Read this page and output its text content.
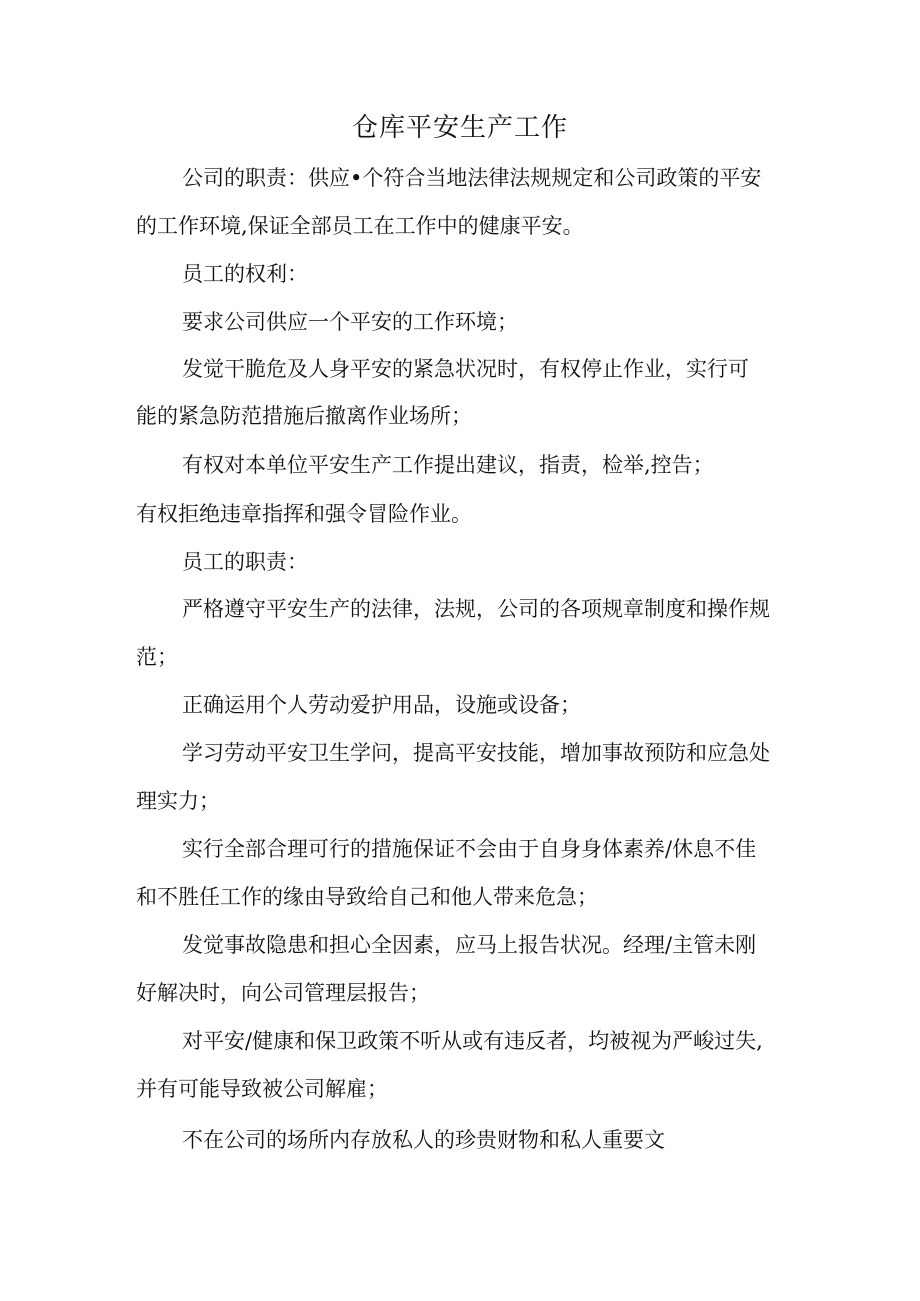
仓库平安生产工作

公司的职责：供应•个符合当地法律法规规定和公司政策的平安

的工作环境,保证全部员工在工作中的健康平安。

员工的权利：

要求公司供应一个平安的工作环境；

发觉干脆危及人身平安的紧急状况时，有权停止作业，实行可

能的紧急防范措施后撤离作业场所；

有权对本单位平安生产工作提出建议，指责，检举,控告；

有权拒绝违章指挥和强令冒险作业。

员工的职责：

严格遵守平安生产的法律，法规，公司的各项规章制度和操作规

范；

正确运用个人劳动爱护用品，设施或设备；

学习劳动平安卫生学问，提高平安技能，增加事故预防和应急处

理实力；

实行全部合理可行的措施保证不会由于自身身体素养/休息不佳

和不胜任工作的缘由导致给自己和他人带来危急；

发觉事故隐患和担心全因素，应马上报告状况。经理/主管未刚

好解决时，向公司管理层报告；

对平安/健康和保卫政策不听从或有违反者，均被视为严峻过失,

并有可能导致被公司解雇；

不在公司的场所内存放私人的珍贵财物和私人重要文
